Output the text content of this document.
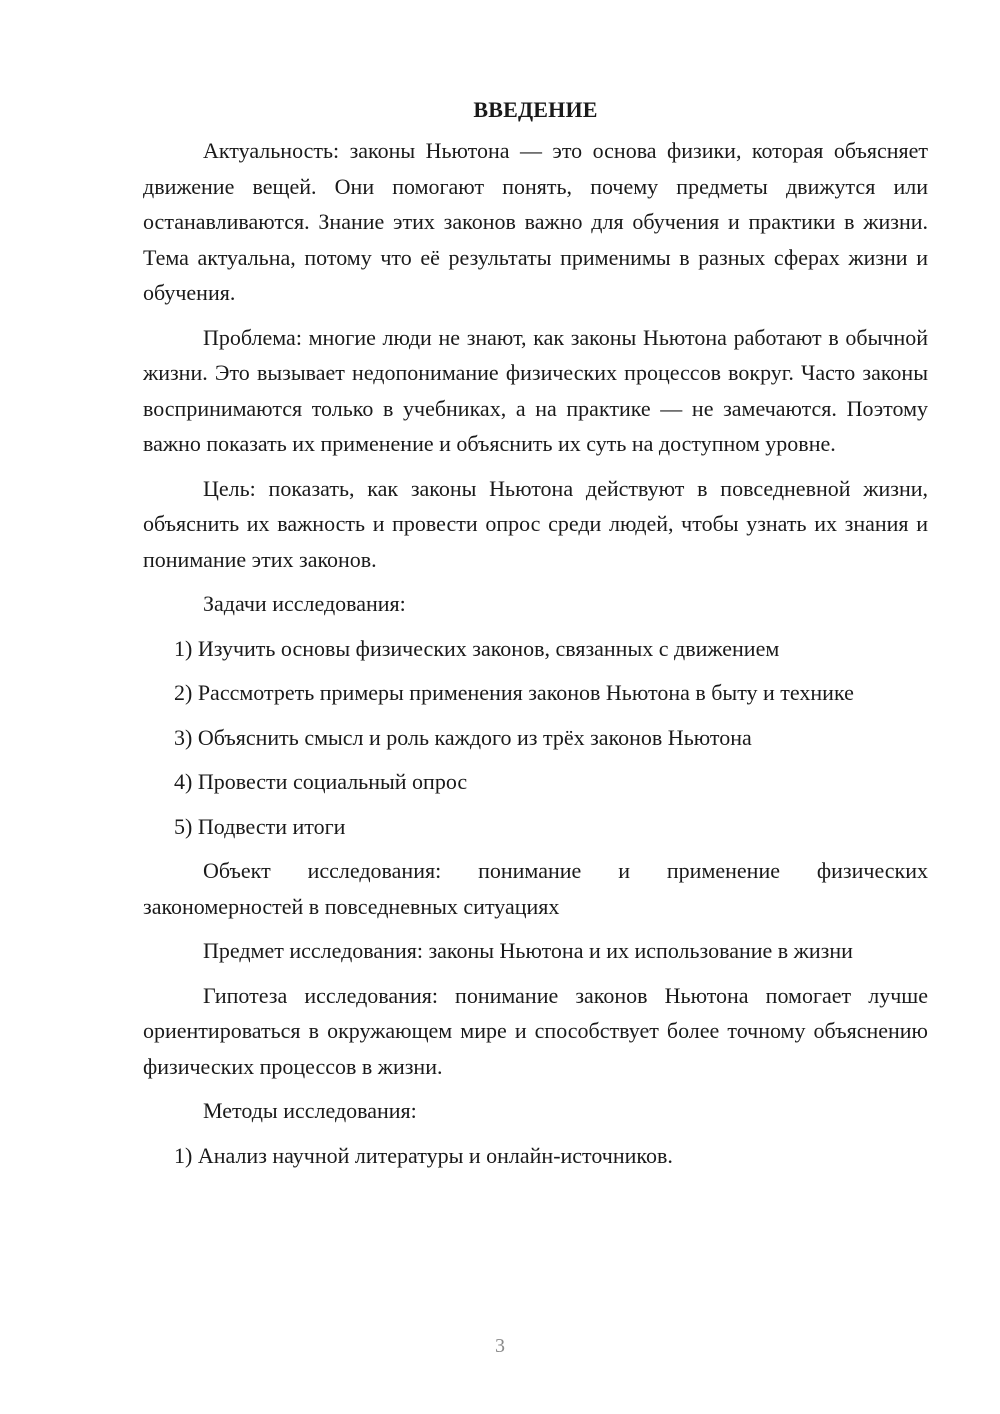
ВВЕДЕНИЕ

Актуальность: законы Ньютона — это основа физики, которая объясняет движение вещей. Они помогают понять, почему предметы движутся или останавливаются. Знание этих законов важно для обучения и практики в жизни. Тема актуальна, потому что её результаты применимы в разных сферах жизни и обучения.

Проблема: многие люди не знают, как законы Ньютона работают в обычной жизни. Это вызывает недопонимание физических процессов вокруг. Часто законы воспринимаются только в учебниках, а на практике — не замечаются. Поэтому важно показать их применение и объяснить их суть на доступном уровне.

Цель: показать, как законы Ньютона действуют в повседневной жизни, объяснить их важность и провести опрос среди людей, чтобы узнать их знания и понимание этих законов.

Задачи исследования:

1) Изучить основы физических законов, связанных с движением

2) Рассмотреть примеры применения законов Ньютона в быту и технике

3) Объяснить смысл и роль каждого из трёх законов Ньютона

4) Провести социальный опрос

5) Подвести итоги

Объект исследования: понимание и применение физических закономерностей в повседневных ситуациях

Предмет исследования: законы Ньютона и их использование в жизни

Гипотеза исследования: понимание законов Ньютона помогает лучше ориентироваться в окружающем мире и способствует более точному объяснению физических процессов в жизни.

Методы исследования:

1) Анализ научной литературы и онлайн-источников.

3
